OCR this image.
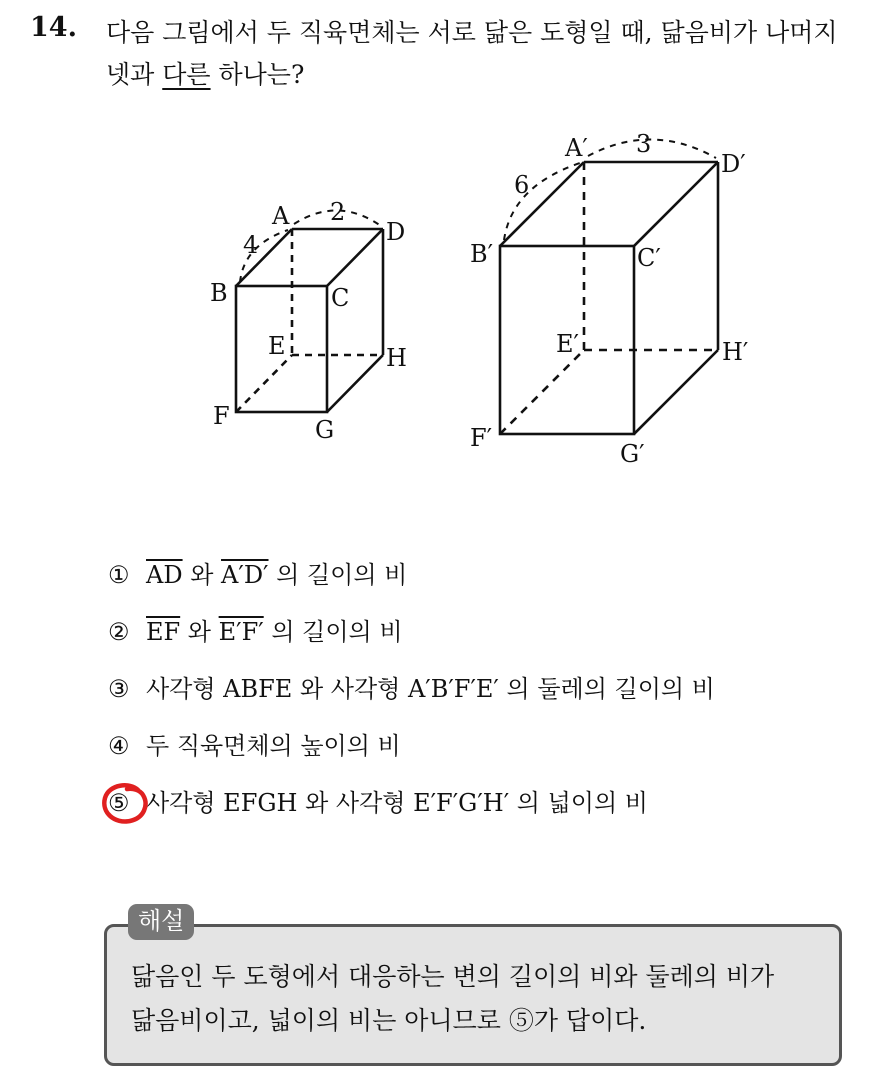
14. 다음 그림에서 두 직육면체는 서로 닮은 도형일 때, 닮음비가 나머지
넷과 다른 하나는?
A
B	C
D
E
F	G
H
4
2
A′
B′	C′
D′
E′
F′
G′
H′
6
3
① $\overline{AD}$ 와 A′D′ 의 길이의 비
② $\overline{EF}$ 와 E′F′ 의 길이의 비
③ 사각형 ABFE 와 사각형 A′B′F′E′ 의 둘레의 길이의 비
④ 두 직육면체의 높이의 비
⑤ 사각형 EFGH 와 사각형 E′F′G′H′ 의 넓이의 비
닮음인 두 도형에서 대응하는 변의 길이의 비와 둘레의 비가
닮음비이고, 넓이의 비는 아니므로 ⑤가 답이다.
해설
